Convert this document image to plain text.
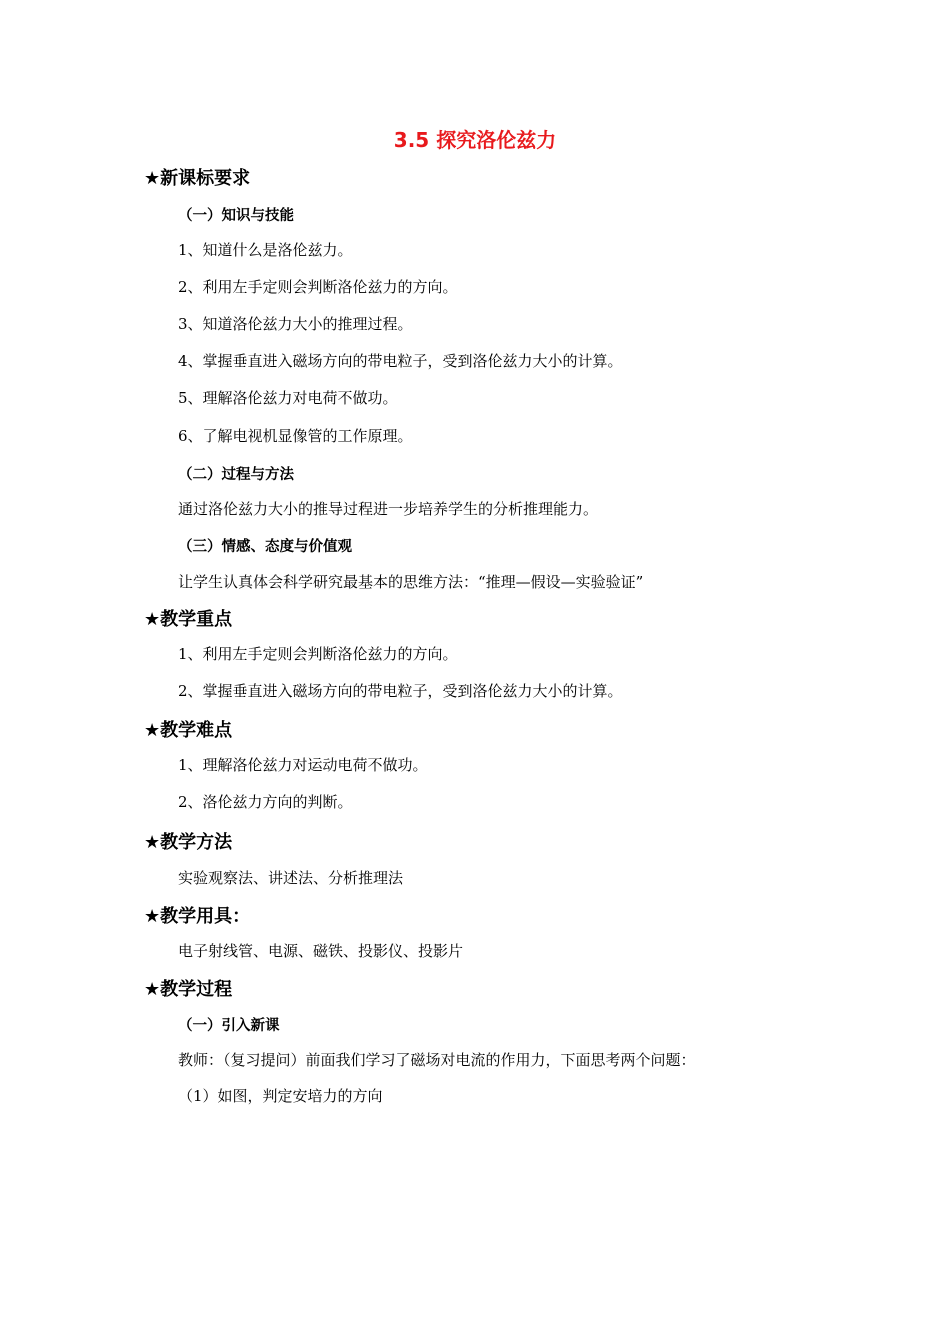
3.5 探究洛伦兹力
★新课标要求
（一）知识与技能
1、知道什么是洛伦兹力。
2、利用左手定则会判断洛伦兹力的方向。
3、知道洛伦兹力大小的推理过程。
4、掌握垂直进入磁场方向的带电粒子，受到洛伦兹力大小的计算。
5、理解洛伦兹力对电荷不做功。
6、了解电视机显像管的工作原理。
（二）过程与方法
通过洛伦兹力大小的推导过程进一步培养学生的分析推理能力。
（三）情感、态度与价值观
让学生认真体会科学研究最基本的思维方法：“推理—假设—实验验证”
★教学重点
1、利用左手定则会判断洛伦兹力的方向。
2、掌握垂直进入磁场方向的带电粒子，受到洛伦兹力大小的计算。
★教学难点
1、理解洛伦兹力对运动电荷不做功。
2、洛伦兹力方向的判断。
★教学方法
实验观察法、讲述法、分析推理法
★教学用具：
电子射线管、电源、磁铁、投影仪、投影片
★教学过程
（一）引入新课
教师：（复习提问）前面我们学习了磁场对电流的作用力，下面思考两个问题：
（1）如图，判定安培力的方向
